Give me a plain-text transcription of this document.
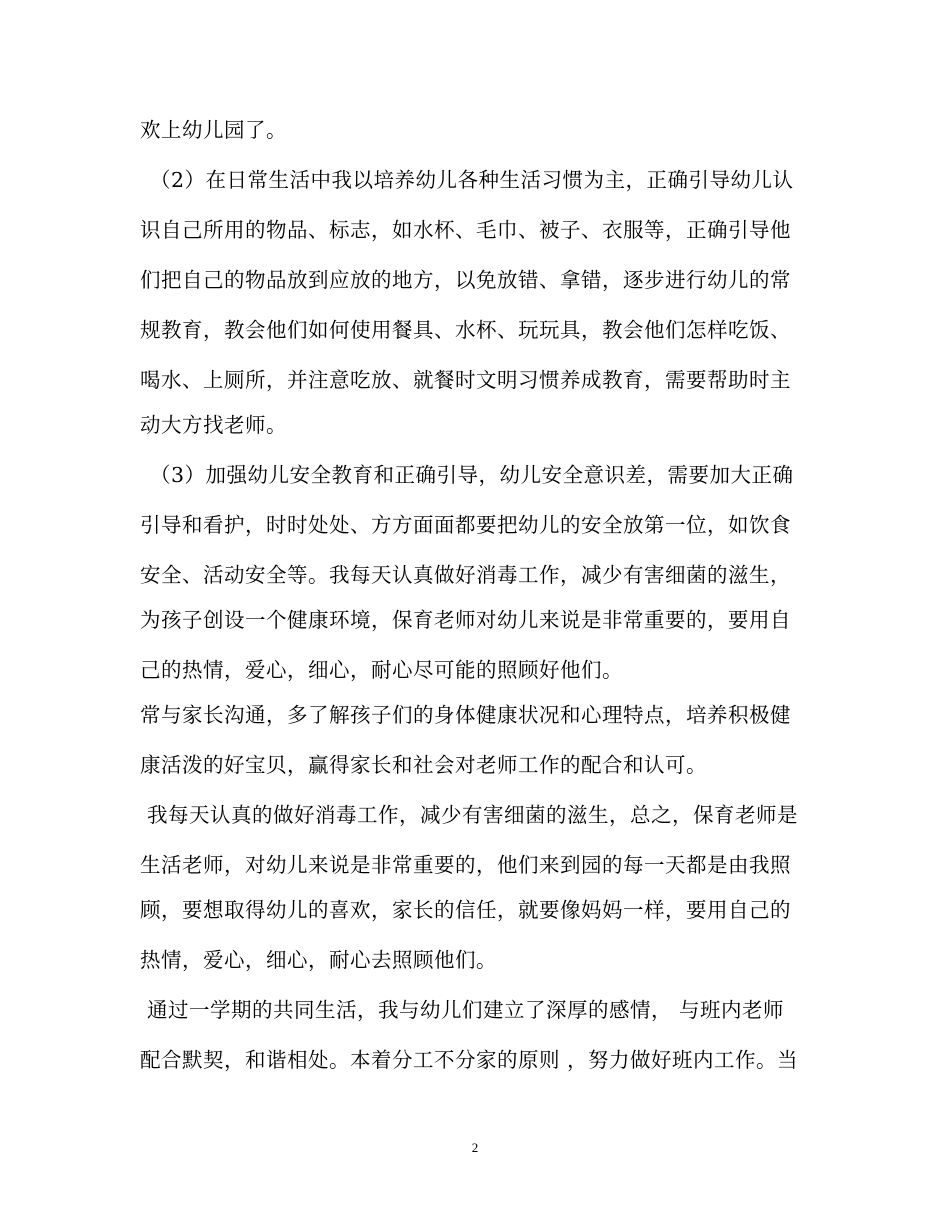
欢上幼儿园了。
（2）在日常生活中我以培养幼儿各种生活习惯为主，正确引导幼儿认
识自己所用的物品、标志，如水杯、毛巾、被子、衣服等，正确引导他
们把自己的物品放到应放的地方，以免放错、拿错，逐步进行幼儿的常
规教育，教会他们如何使用餐具、水杯、玩玩具，教会他们怎样吃饭、
喝水、上厕所，并注意吃放、就餐时文明习惯养成教育，需要帮助时主
动大方找老师。
（3）加强幼儿安全教育和正确引导，幼儿安全意识差，需要加大正确
引导和看护，时时处处、方方面面都要把幼儿的安全放第一位，如饮食
安全、活动安全等。我每天认真做好消毒工作，减少有害细菌的滋生，
为孩子创设一个健康环境，保育老师对幼儿来说是非常重要的，要用自
己的热情，爱心，细心，耐心尽可能的照顾好他们。
常与家长沟通，多了解孩子们的身体健康状况和心理特点，培养积极健
康活泼的好宝贝，赢得家长和社会对老师工作的配合和认可。
我每天认真的做好消毒工作，减少有害细菌的滋生，总之，保育老师是
生活老师，对幼儿来说是非常重要的，他们来到园的每一天都是由我照
顾，要想取得幼儿的喜欢，家长的信任，就要像妈妈一样，要用自己的
热情，爱心，细心，耐心去照顾他们。
通过一学期的共同生活，我与幼儿们建立了深厚的感情， 与班内老师
配合默契，和谐相处。本着分工不分家的原则 ，努力做好班内工作。当
2
